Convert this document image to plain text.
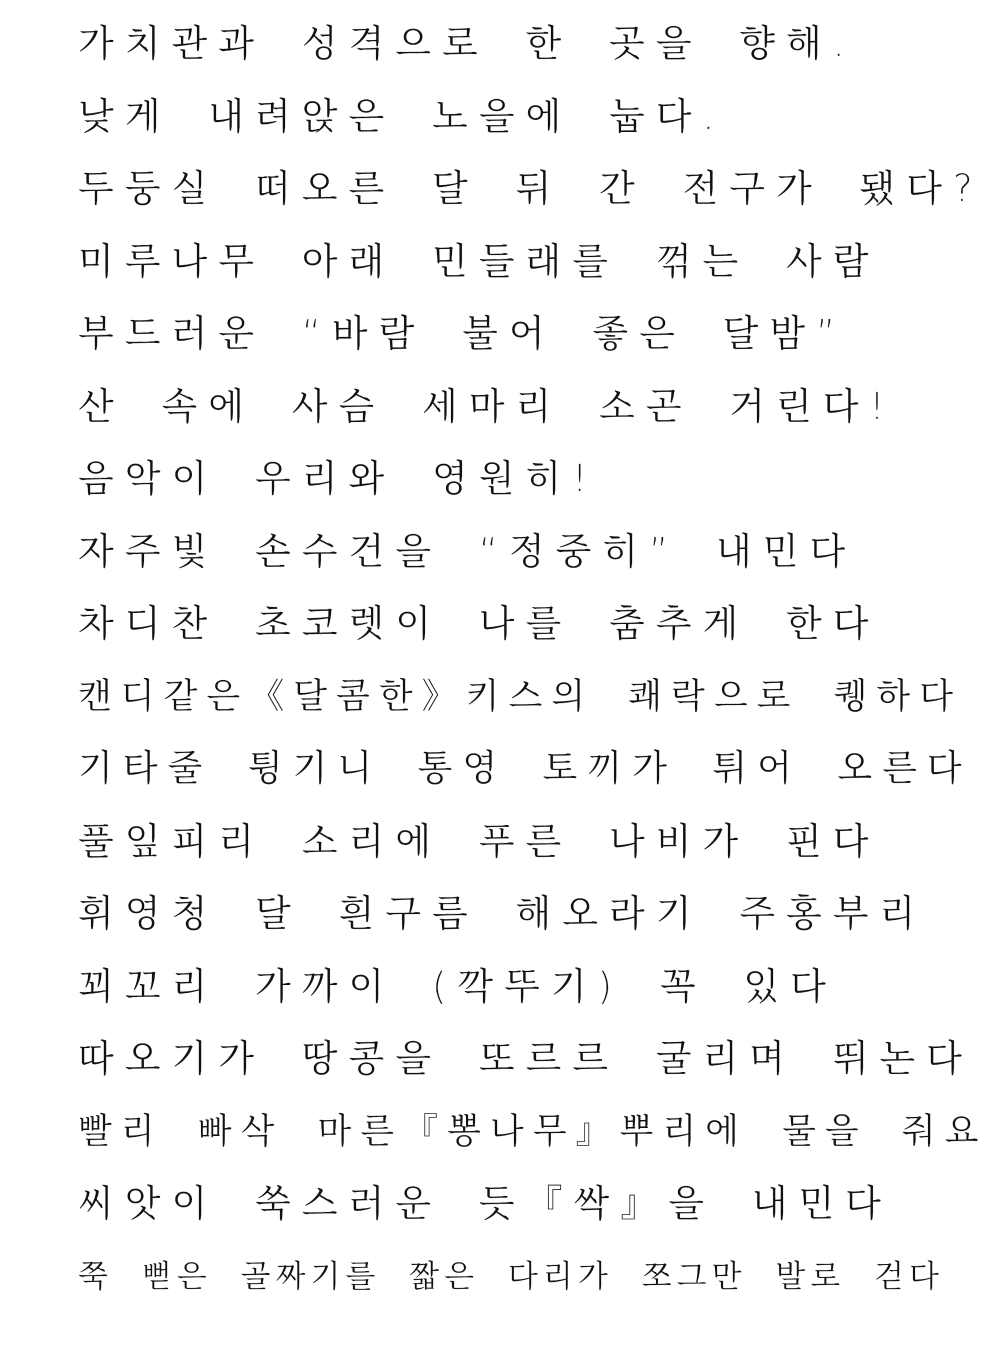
가치관과 성격으로 한 곳을 향해.
낮게 내려앉은 노을에 눕다.
두둥실 떠오른 달 뒤 간 전구가 됐다?
미루나무 아래 민들래를 꺾는 사람
부드러운 “바람 불어 좋은 달밤”
산 속에 사슴 세마리 소곤 거린다!
음악이 우리와 영원히!
자주빛 손수건을 “정중히” 내민다
차디찬 초코렛이 나를 춤추게 한다
캔디같은《달콤한》키스의 쾌락으로 퀭하다
기타줄 튕기니 통영 토끼가 튀어 오른다
풀잎피리 소리에 푸른 나비가 핀다
휘영청 달 흰구름 해오라기 주홍부리
꾀꼬리 가까이 (깍뚜기) 꼭 있다
따오기가 땅콩을 또르르 굴리며 뛰논다
빨리 빠삭 마른『뽕나무』뿌리에 물을 줘요
씨앗이 쑥스러운 듯『싹』을 내민다
쭉 뻗은 골짜기를 짧은 다리가 쪼그만 발로 걷다
